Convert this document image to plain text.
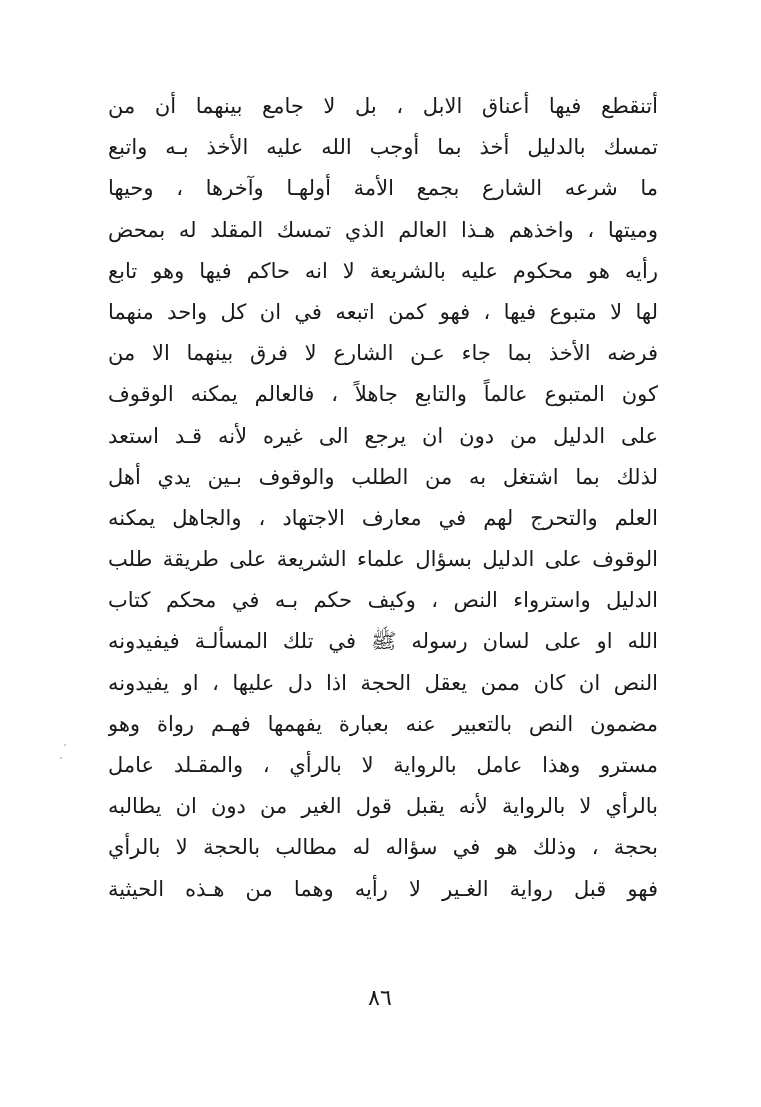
أتنقطع فيها أعناق الابل ، بل لا جامع بينهما أن من
تمسك بالدليل أخذ بما أوجب الله عليه الأخذ بـه واتبع
ما شرعه الشارع بجمع الأمة أولهـا وآخرها ، وحيها
وميتها ، واخذهم هـذا العالم الذي تمسك المقلد له بمحض
رأيه هو محكوم عليه بالشريعة لا انه حاكم فيها وهو تابع
لها لا متبوع فيها ، فهو كمن اتبعه في ان كل واحد منهما
فرضه الأخذ بما جاء عـن الشارع لا فرق بينهما الا من
كون المتبوع عالماً والتابع جاهلاً ، فالعالم يمكنه الوقوف
على الدليل من دون ان يرجع الى غيره لأنه قـد استعد
لذلك بما اشتغل به من الطلب والوقوف بـين يدي أهل
العلم والتحرج لهم في معارف الاجتهاد ، والجاهل يمكنه
الوقوف على الدليل بسؤال علماء الشريعة على طريقة طلب
الدليل واسترواء النص ، وكيف حكم بـه في محكم كتاب
الله او على لسان رسوله ﷺ في تلك المسألـة فيفيدونه
النص ان كان ممن يعقل الحجة اذا دل عليها ، او يفيدونه
مضمون النص بالتعبير عنه بعبارة يفهمها فهـم رواة وهو
مسترو وهذا عامل بالرواية لا بالرأي ، والمقـلد عامل
بالرأي لا بالرواية لأنه يقبل قول الغير من دون ان يطالبه
بحجة ، وذلك هو في سؤاله له مطالب بالحجة لا بالرأي
فهو قبل رواية الغـير لا رأيه وهما من هـذه الحيثية
٨٦
